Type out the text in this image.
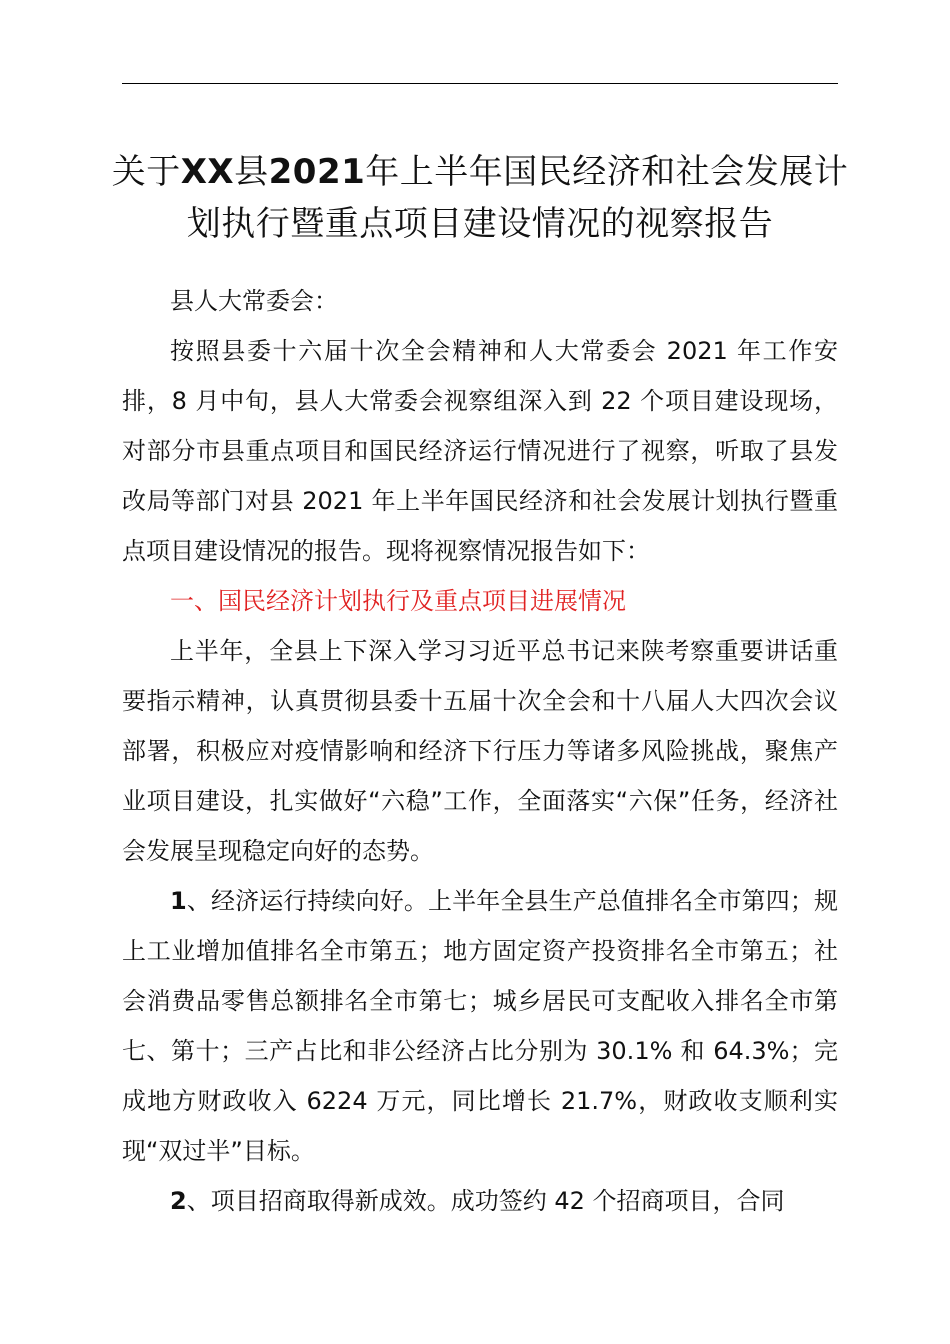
关于XX县2021年上半年国民经济和社会发展计划执行暨重点项目建设情况的视察报告

县人大常委会：

按照县委十六届十次全会精神和人大常委会 2021 年工作安排，8 月中旬，县人大常委会视察组深入到 22 个项目建设现场，对部分市县重点项目和国民经济运行情况进行了视察，听取了县发改局等部门对县 2021 年上半年国民经济和社会发展计划执行暨重点项目建设情况的报告。现将视察情况报告如下：

一、国民经济计划执行及重点项目进展情况

上半年，全县上下深入学习习近平总书记来陕考察重要讲话重要指示精神，认真贯彻县委十五届十次全会和十八届人大四次会议部署，积极应对疫情影响和经济下行压力等诸多风险挑战，聚焦产业项目建设，扎实做好“六稳”工作，全面落实“六保”任务，经济社会发展呈现稳定向好的态势。

1、经济运行持续向好。上半年全县生产总值排名全市第四；规上工业增加值排名全市第五；地方固定资产投资排名全市第五；社会消费品零售总额排名全市第七；城乡居民可支配收入排名全市第七、第十；三产占比和非公经济占比分别为 30.1% 和 64.3%；完成地方财政收入 6224 万元，同比增长 21.7%，财政收支顺利实现“双过半”目标。

2、项目招商取得新成效。成功签约 42 个招商项目，合同
